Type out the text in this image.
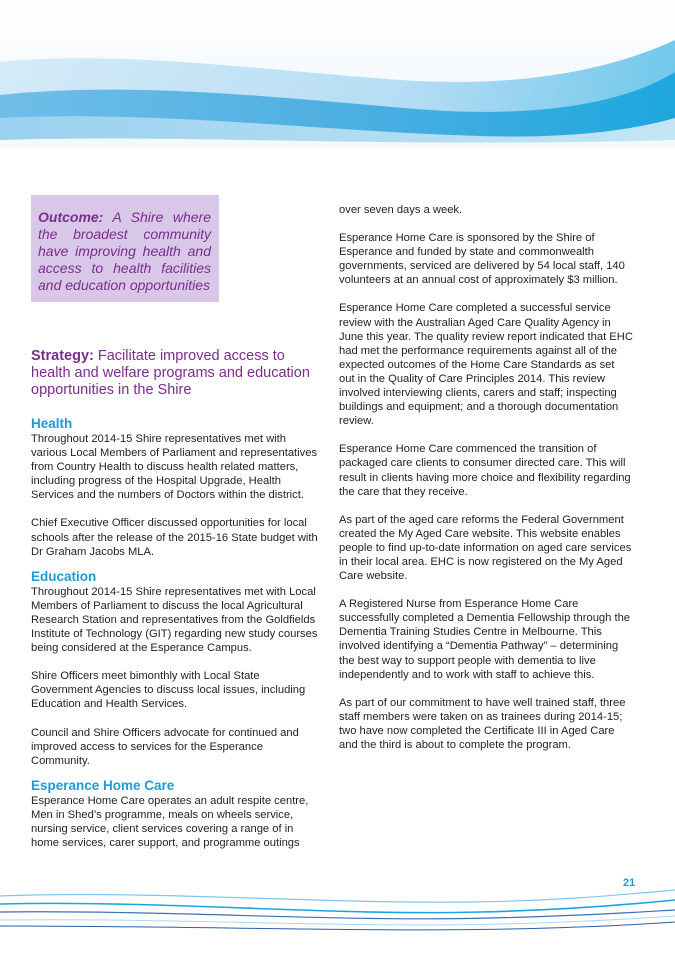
Outcome: A Shire where the broadest community have improving health and access to health facilities and education opportunities

Strategy: Facilitate improved access to health and welfare programs and education opportunities in the Shire

Health

Throughout 2014-15 Shire representatives met with various Local Members of Parliament and representatives from Country Health to discuss health related matters, including progress of the Hospital Upgrade, Health Services and the numbers of Doctors within the district.

Chief Executive Officer discussed opportunities for local schools after the release of the 2015-16 State budget with Dr Graham Jacobs MLA.

Education

Throughout 2014-15 Shire representatives met with Local Members of Parliament to discuss the local Agricultural Research Station and representatives from the Goldfields Institute of Technology (GIT) regarding new study courses being considered at the Esperance Campus.

Shire Officers meet bimonthly with Local State Government Agencies to discuss local issues, including Education and Health Services.

Council and Shire Officers advocate for continued and improved access to services for the Esperance Community.

Esperance Home Care

Esperance Home Care operates an adult respite centre, Men in Shed’s programme, meals on wheels service, nursing service, client services covering a range of in home services, carer support, and programme outings

over seven days a week.

Esperance Home Care is sponsored by the Shire of Esperance and funded by state and commonwealth governments, serviced are delivered by 54 local staff, 140 volunteers at an annual cost of approximately $3 million.

Esperance Home Care completed a successful service review with the Australian Aged Care Quality Agency in June this year. The quality review report indicated that EHC had met the performance requirements against all of the expected outcomes of the Home Care Standards as set out in the Quality of Care Principles 2014. This review involved interviewing clients, carers and staff; inspecting buildings and equipment; and a thorough documentation review.

Esperance Home Care commenced the transition of packaged care clients to consumer directed care. This will result in clients having more choice and flexibility regarding the care that they receive.

As part of the aged care reforms the Federal Government created the My Aged Care website. This website enables people to find up-to-date information on aged care services in their local area. EHC is now registered on the My Aged Care website.

A Registered Nurse from Esperance Home Care successfully completed a Dementia Fellowship through the Dementia Training Studies Centre in Melbourne. This involved identifying a “Dementia Pathway” – determining the best way to support people with dementia to live independently and to work with staff to achieve this.

As part of our commitment to have well trained staff, three staff members were taken on as trainees during 2014-15; two have now completed the Certificate III in Aged Care and the third is about to complete the program.

21
